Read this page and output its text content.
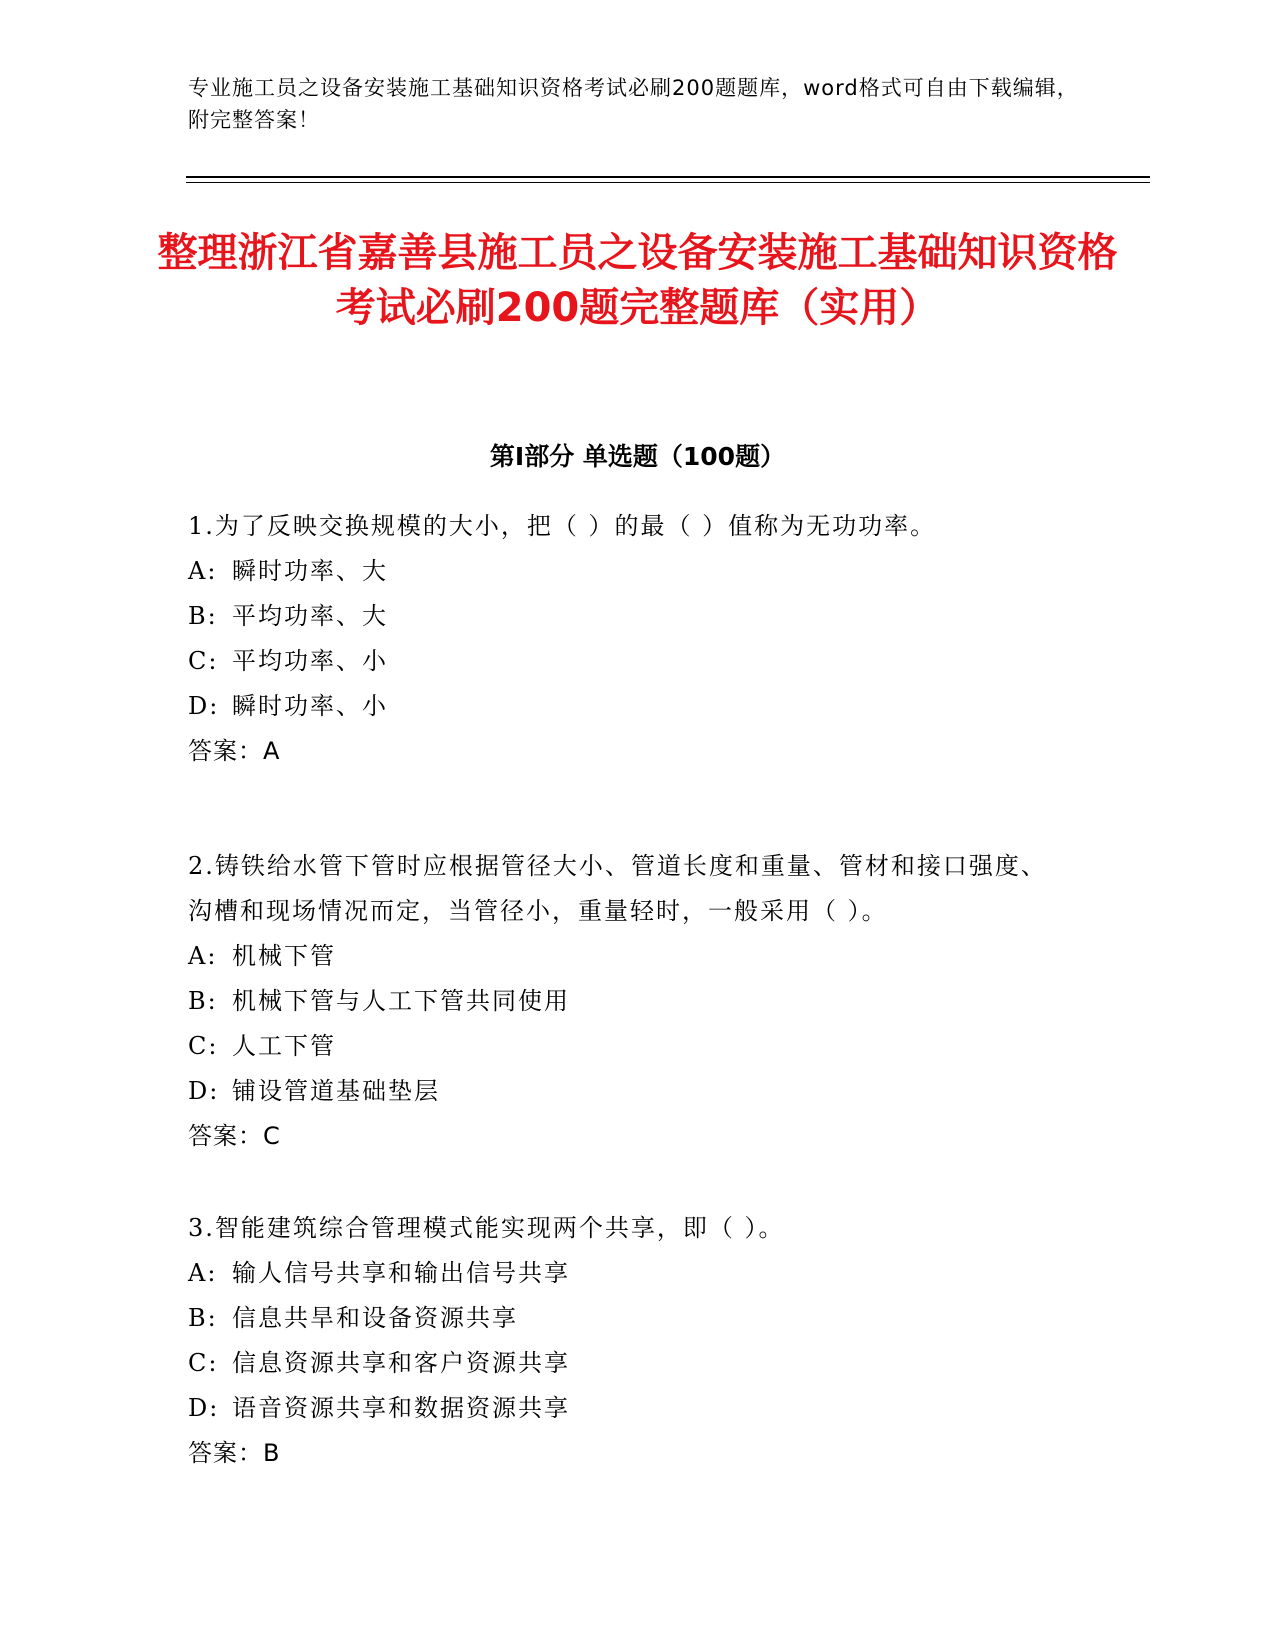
专业施工员之设备安装施工基础知识资格考试必刷200题题库，word格式可自由下载编辑，附完整答案！
整理浙江省嘉善县施工员之设备安装施工基础知识资格考试必刷200题完整题库（实用）
第Ⅰ部分 单选题（100题）
1.为了反映交换规模的大小，把（ ）的最（ ）值称为无功功率。
A: 瞬时功率、大
B: 平均功率、大
C: 平均功率、小
D: 瞬时功率、小
答案：A
2.铸铁给水管下管时应根据管径大小、管道长度和重量、管材和接口强度、沟槽和现场情况而定，当管径小，重量轻时，一般采用（ ）。
A: 机械下管
B: 机械下管与人工下管共同使用
C: 人工下管
D: 铺设管道基础垫层
答案：C
3.智能建筑综合管理模式能实现两个共享，即（ ）。
A: 输人信号共享和输出信号共享
B: 信息共旱和设备资源共享
C: 信息资源共享和客户资源共享
D: 语音资源共享和数据资源共享
答案：B
